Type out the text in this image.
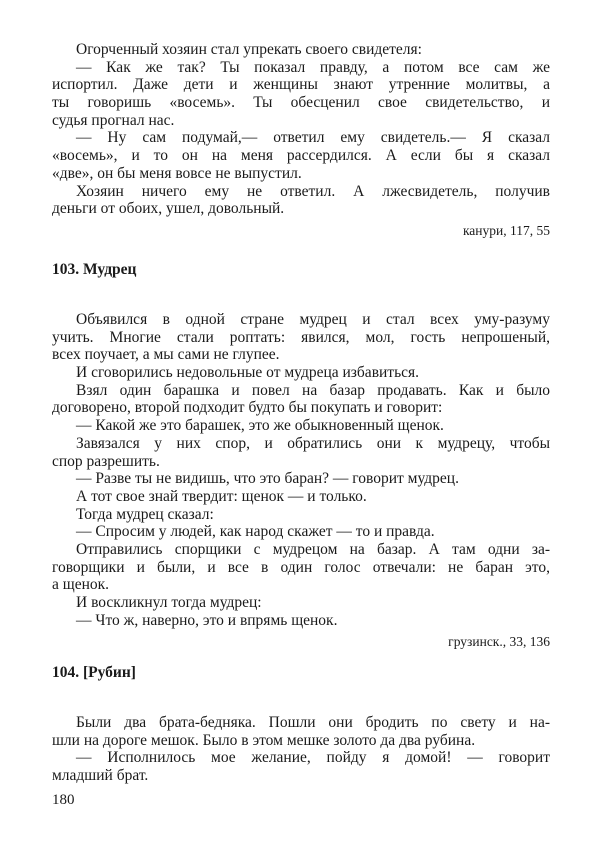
Огорченный хозяин стал упрекать своего свидетеля:
— Как же так? Ты показал правду, а потом все сам же
испортил. Даже дети и женщины знают утренние молитвы, а
ты говоришь «восемь». Ты обесценил свое свидетельство, и
судья прогнал нас.
— Ну сам подумай,— ответил ему свидетель.— Я сказал
«восемь», и то он на меня рассердился. А если бы я сказал
«две», он бы меня вовсе не выпустил.
Хозяин ничего ему не ответил. А лжесвидетель, получив
деньги от обоих, ушел, довольный.
канури, 117, 55
103. Мудрец
Объявился в одной стране мудрец и стал всех уму-разуму
учить. Многие стали роптать: явился, мол, гость непрошеный,
всех поучает, а мы сами не глупее.
И сговорились недовольные от мудреца избавиться.
Взял один барашка и повел на базар продавать. Как и было
договорено, второй подходит будто бы покупать и говорит:
— Какой же это барашек, это же обыкновенный щенок.
Завязался у них спор, и обратились они к мудрецу, чтобы
спор разрешить.
— Разве ты не видишь, что это баран? — говорит мудрец.
А тот свое знай твердит: щенок — и только.
Тогда мудрец сказал:
— Спросим у людей, как народ скажет — то и правда.
Отправились спорщики с мудрецом на базар. А там одни за-
говорщики и были, и все в один голос отвечали: не баран это,
а щенок.
И воскликнул тогда мудрец:
— Что ж, наверно, это и впрямь щенок.
грузинск., 33, 136
104. [Рубин]
Были два брата-бедняка. Пошли они бродить по свету и на-
шли на дороге мешок. Было в этом мешке золото да два рубина.
— Исполнилось мое желание, пойду я домой! — говорит
младший брат.
180
